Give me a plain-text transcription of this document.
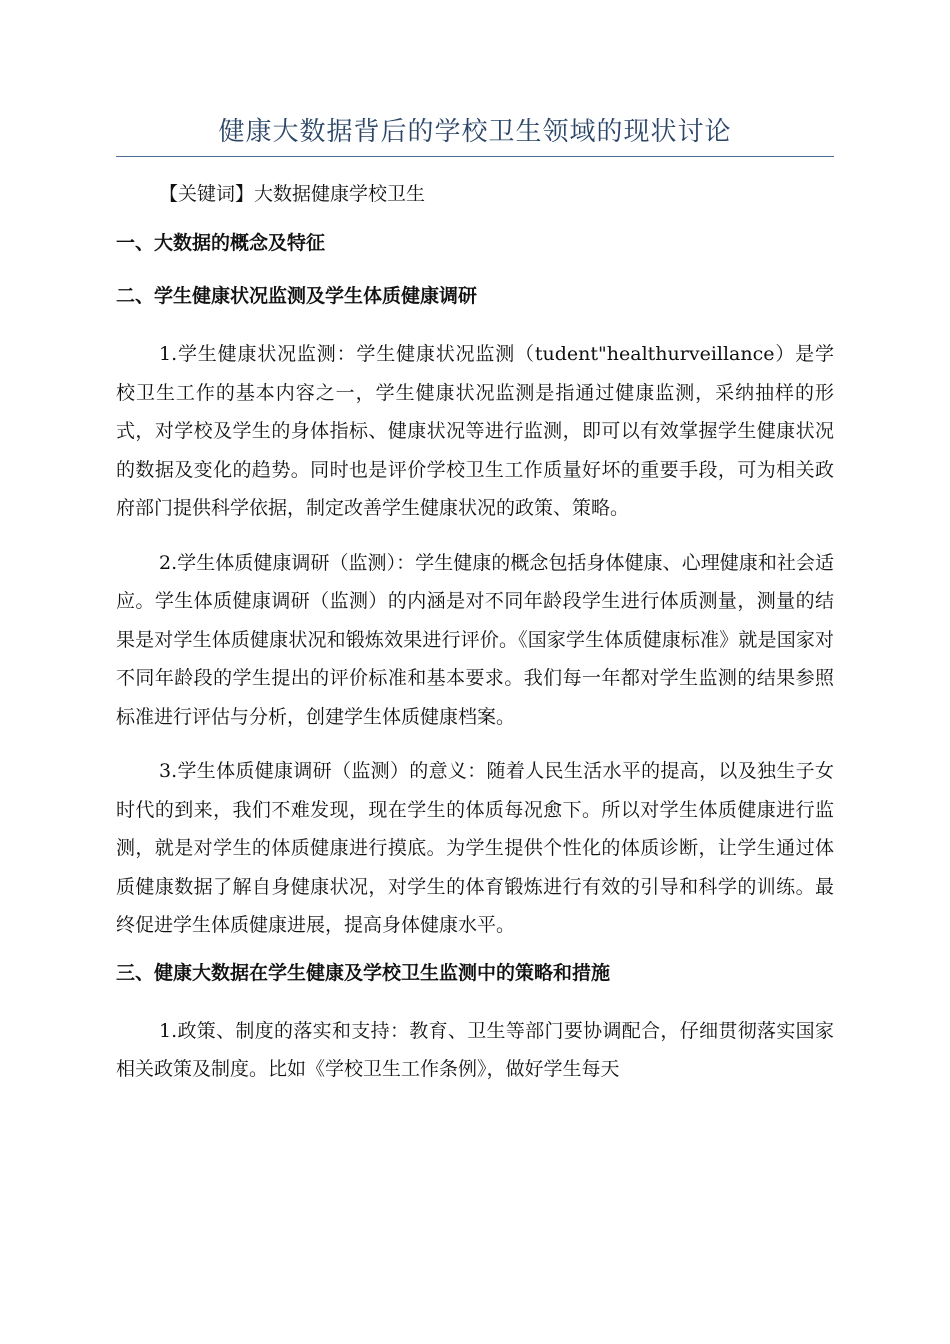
健康大数据背后的学校卫生领域的现状讨论
【关键词】大数据健康学校卫生
一、大数据的概念及特征
二、学生健康状况监测及学生体质健康调研

1.学生健康状况监测：学生健康状况监测（tudent"healthurveillance）是学校卫生工作的基本内容之一，学生健康状况监测是指通过健康监测，采纳抽样的形式，对学校及学生的身体指标、健康状况等进行监测，即可以有效掌握学生健康状况的数据及变化的趋势。同时也是评价学校卫生工作质量好坏的重要手段，可为相关政府部门提供科学依据，制定改善学生健康状况的政策、策略。

2.学生体质健康调研（监测）：学生健康的概念包括身体健康、心理健康和社会适应。学生体质健康调研（监测）的内涵是对不同年龄段学生进行体质测量，测量的结果是对学生体质健康状况和锻炼效果进行评价。《国家学生体质健康标准》就是国家对不同年龄段的学生提出的评价标准和基本要求。我们每一年都对学生监测的结果参照标准进行评估与分析，创建学生体质健康档案。

3.学生体质健康调研（监测）的意义：随着人民生活水平的提高，以及独生子女时代的到来，我们不难发现，现在学生的体质每况愈下。所以对学生体质健康进行监测，就是对学生的体质健康进行摸底。为学生提供个性化的体质诊断，让学生通过体质健康数据了解自身健康状况，对学生的体育锻炼进行有效的引导和科学的训练。最终促进学生体质健康进展，提高身体健康水平。

三、健康大数据在学生健康及学校卫生监测中的策略和措施

1.政策、制度的落实和支持：教育、卫生等部门要协调配合，仔细贯彻落实国家相关政策及制度。比如《学校卫生工作条例》，做好学生每天
